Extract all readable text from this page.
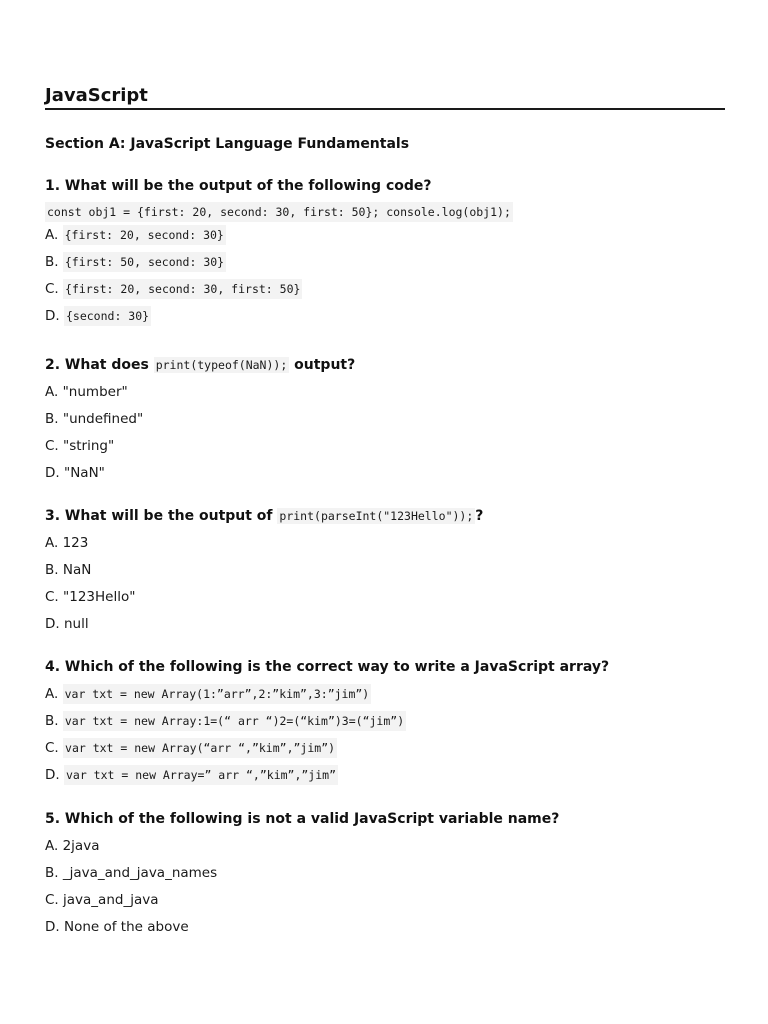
JavaScript
Section A: JavaScript Language Fundamentals

1. What will be the output of the following code?

const obj1 = {first: 20, second: 30, first: 50}; console.log(obj1);
A. {first: 20, second: 30}
B. {first: 50, second: 30}
C. {first: 20, second: 30, first: 50}
D. {second: 30}

2. What does print(typeof(NaN)); output?

A. "number"
B. "undefined"
C. "string"
D. "NaN"

3. What will be the output of print(parseInt("123Hello")); ?

A. 123
B. NaN
C. "123Hello"
D. null

4. Which of the following is the correct way to write a JavaScript array?

A. var txt = new Array(1:”arr”,2:”kim”,3:”jim”)
B. var txt = new Array:1=(“ arr “)2=(“kim”)3=(“jim”)
C. var txt = new Array(“arr “,”kim”,”jim”)
D. var txt = new Array=” arr “,”kim”,”jim”

5. Which of the following is not a valid JavaScript variable name?

A. 2java
B. _java_and_java_names
C. java_and_java
D. None of the above
